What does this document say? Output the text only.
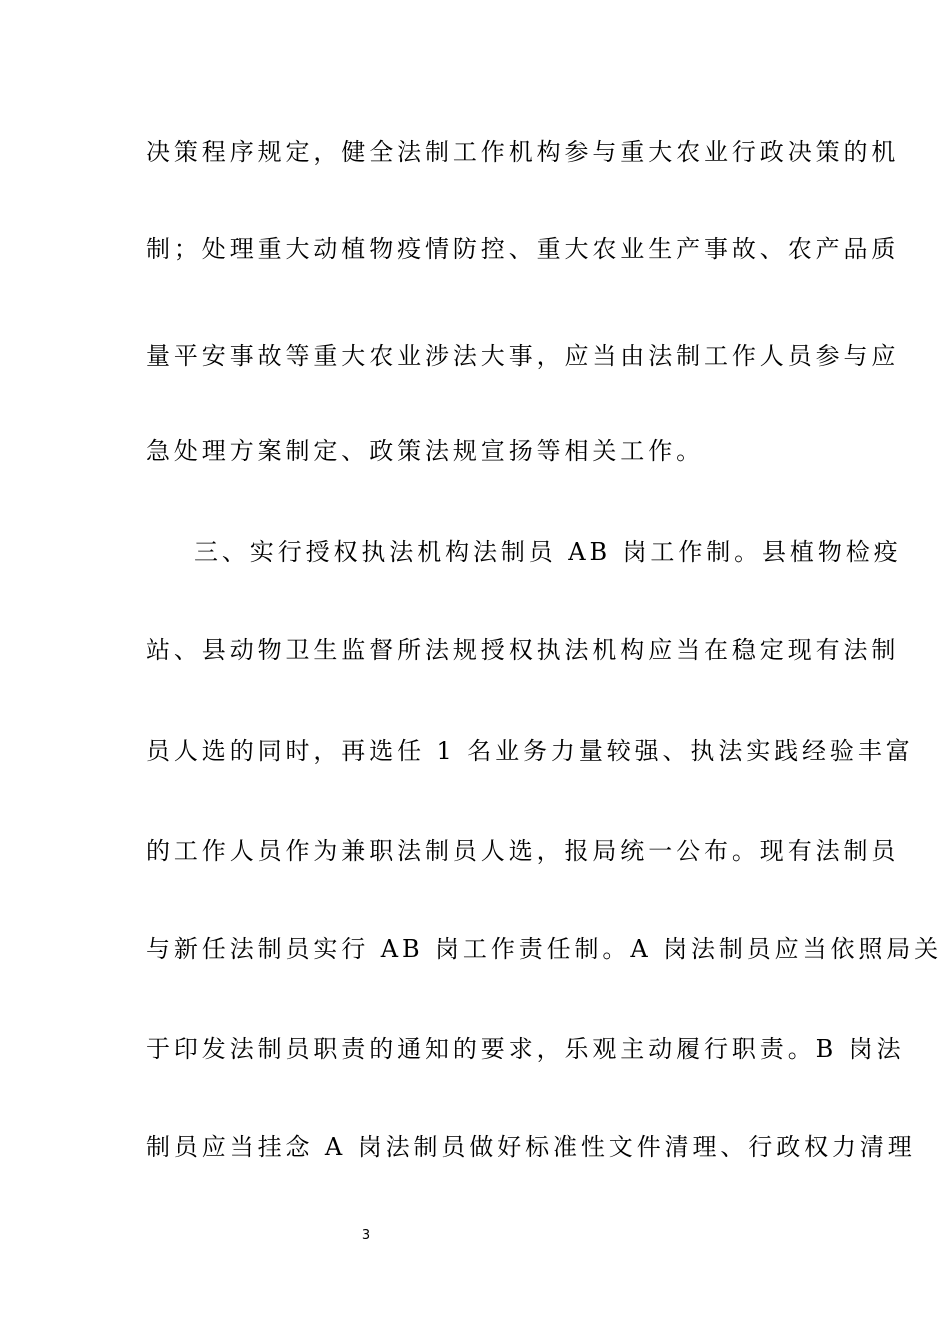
决策程序规定，健全法制工作机构参与重大农业行政决策的机
制；处理重大动植物疫情防控、重大农业生产事故、农产品质
量平安事故等重大农业涉法大事，应当由法制工作人员参与应
急处理方案制定、政策法规宣扬等相关工作。
三、实行授权执法机构法制员 AB 岗工作制。县植物检疫
站、县动物卫生监督所法规授权执法机构应当在稳定现有法制
员人选的同时，再选任 1 名业务力量较强、执法实践经验丰富
的工作人员作为兼职法制员人选，报局统一公布。现有法制员
与新任法制员实行 AB 岗工作责任制。A 岗法制员应当依照局关
于印发法制员职责的通知的要求，乐观主动履行职责。B 岗法
制员应当挂念 A 岗法制员做好标准性文件清理、行政权力清理
3
